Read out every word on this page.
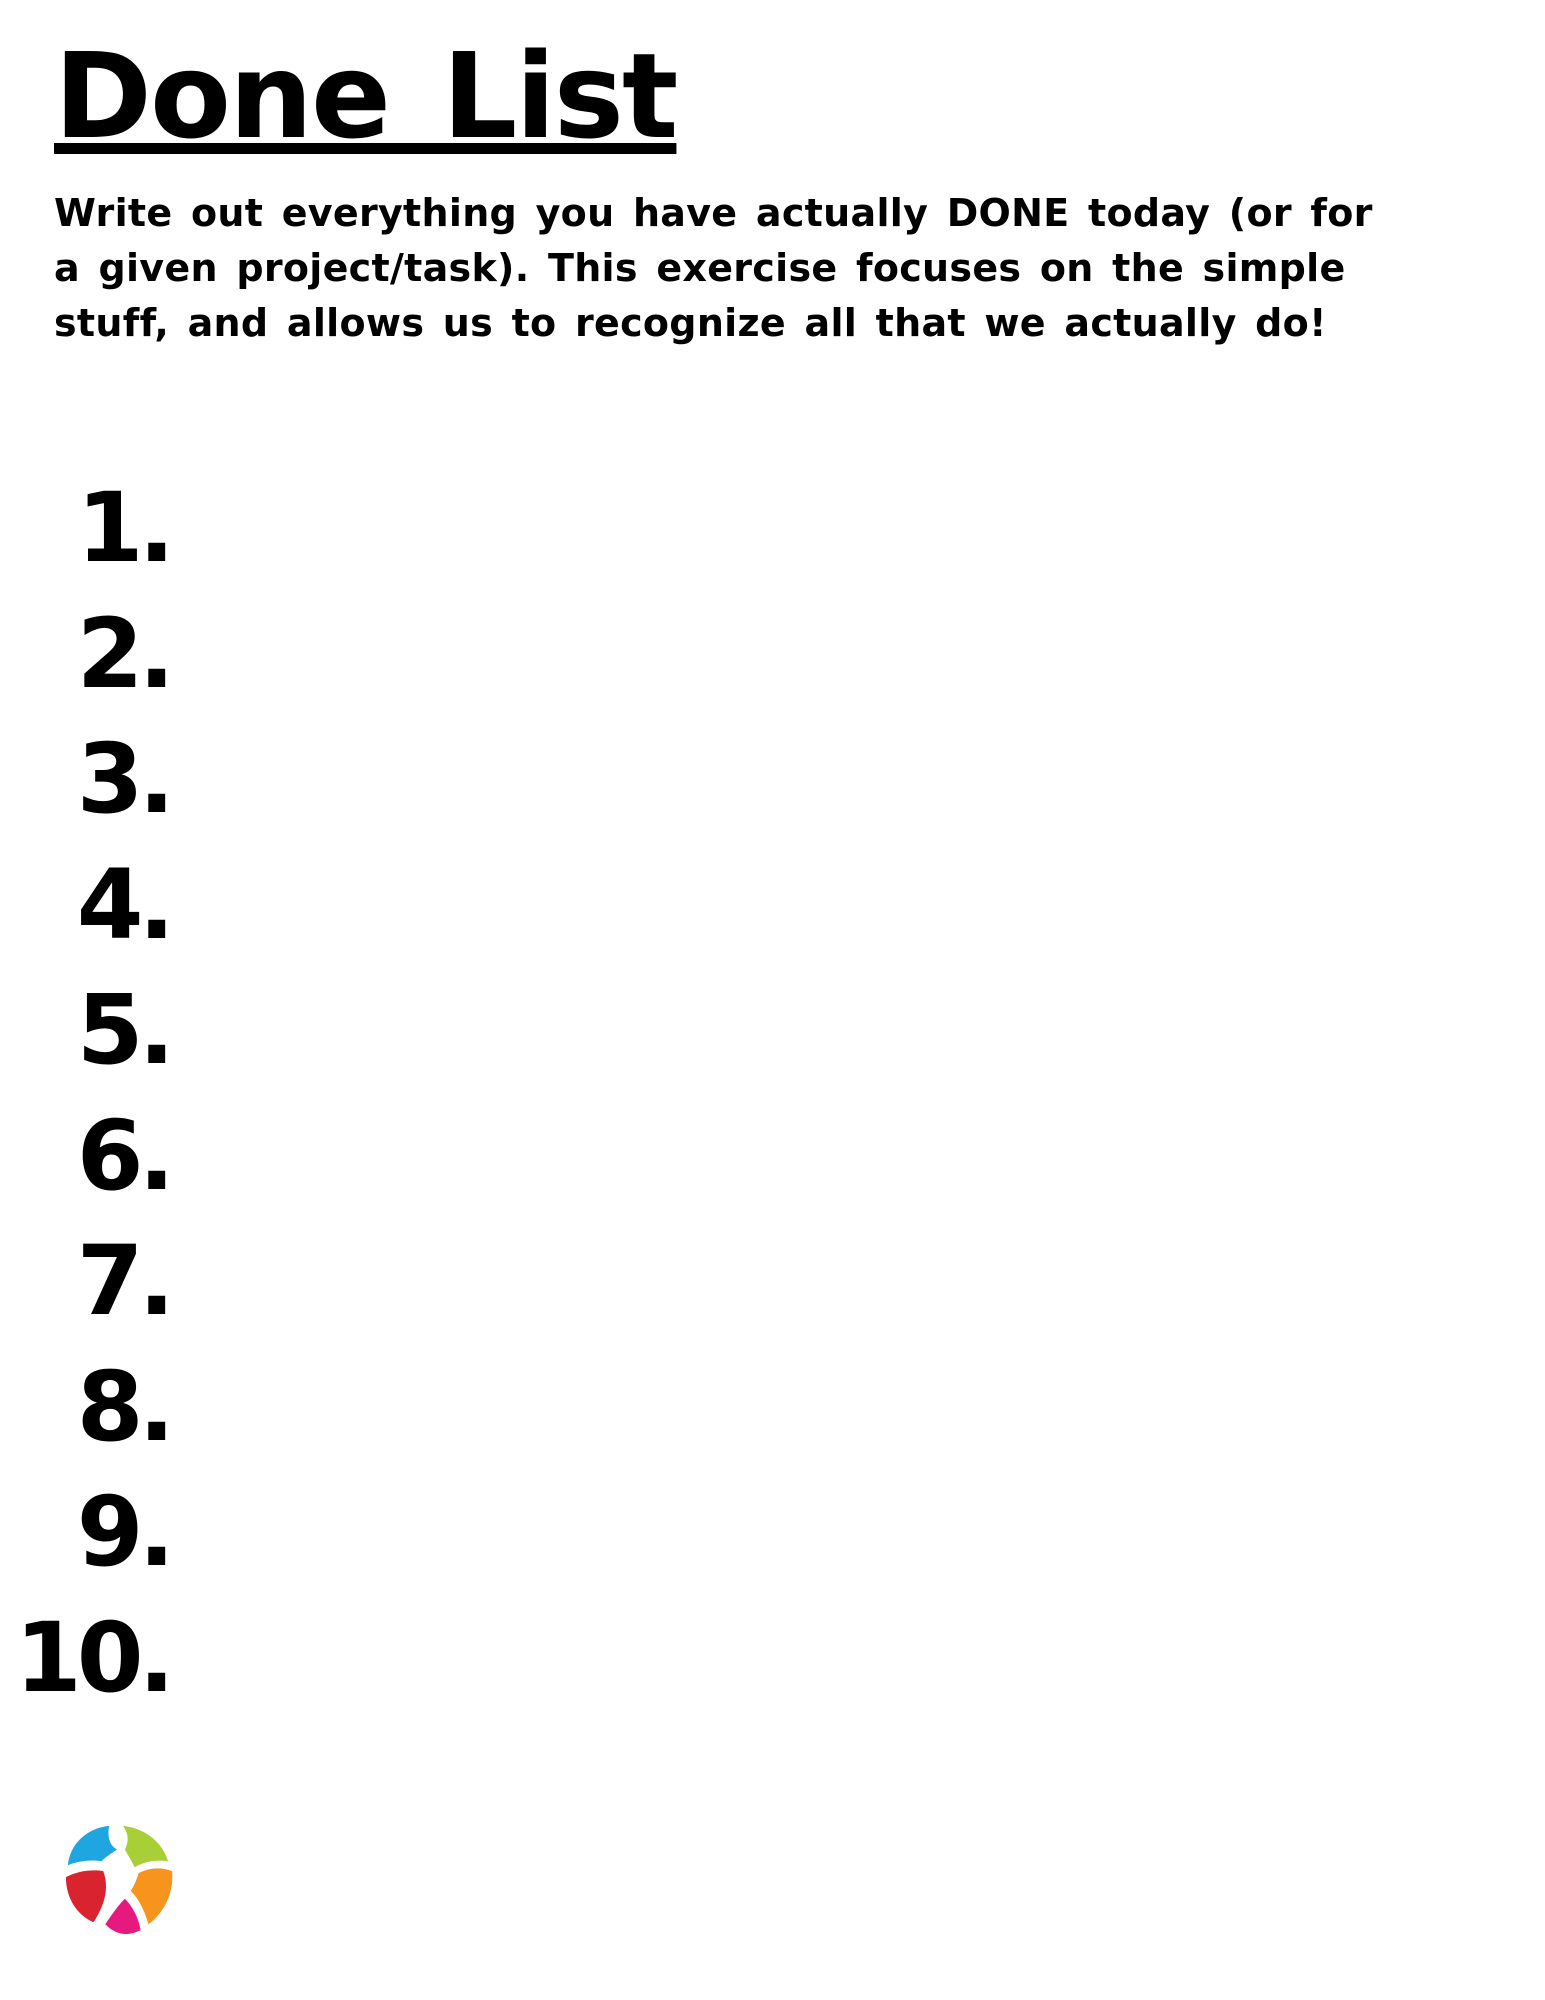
Done List

Write out everything you have actually DONE today (or for a given project/task). This exercise focuses on the simple stuff, and allows us to recognize all that we actually do!

1.
2.
3.
4.
5.
6.
7.
8.
9.
10.
